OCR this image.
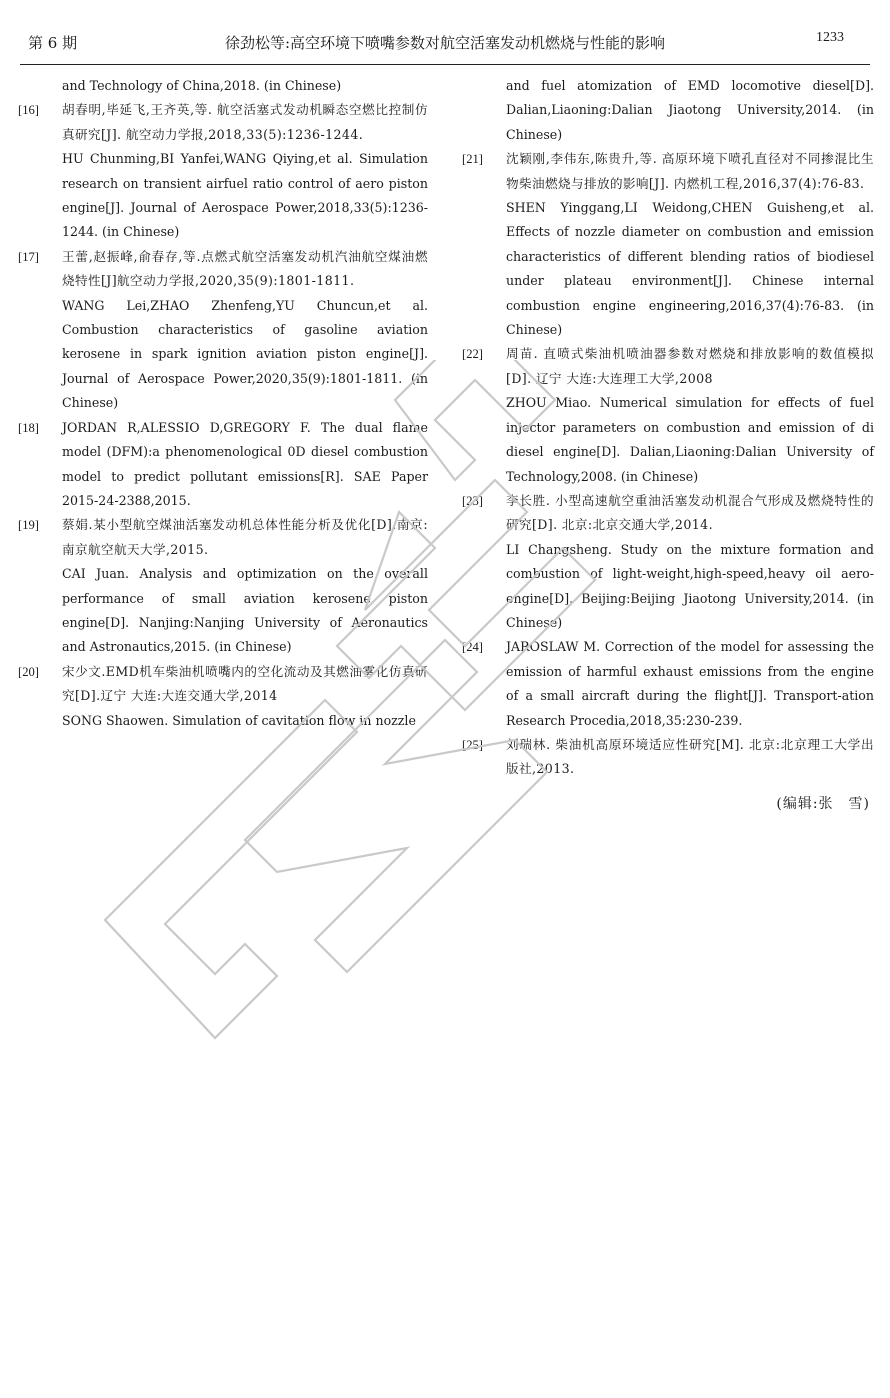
第 6 期	徐劲松等:高空环境下喷嘴参数对航空活塞发动机燃烧与性能的影响	1233

and Technology of China,2018. (in Chinese)

[16] 胡春明,毕延飞,王齐英,等. 航空活塞式发动机瞬态空燃比控制仿真研究[J]. 航空动力学报,2018,33(5):1236-1244.

HU Chunming,BI Yanfei,WANG Qiying,et al. Simulation research on transient airfuel ratio control of aero piston engine[J]. Journal of Aerospace Power,2018,33(5):1236-1244. (in Chinese)

[17] 王蕾,赵振峰,俞春存,等.点燃式航空活塞发动机汽油航空煤油燃烧特性[J]航空动力学报,2020,35(9):1801-1811.

WANG Lei,ZHAO Zhenfeng,YU Chuncun,et al. Combustion characteristics of gasoline aviation kerosene in spark ignition aviation piston engine[J]. Journal of Aerospace Power,2020,35(9):1801-1811. (in Chinese)

[18] JORDAN R,ALESSIO D,GREGORY F. The dual flame model (DFM):a phenomenological 0D diesel combustion model to predict pollutant emissions[R]. SAE Paper 2015-24-2388,2015.

[19] 蔡娟.某小型航空煤油活塞发动机总体性能分析及优化[D].南京:南京航空航天大学,2015.

CAI Juan. Analysis and optimization on the overall performance of small aviation kerosene piston engine[D]. Nanjing:Nanjing University of Aeronautics and Astronautics,2015. (in Chinese)

[20] 宋少文.EMD机车柴油机喷嘴内的空化流动及其燃油雾化仿真研究[D].辽宁 大连:大连交通大学,2014

SONG Shaowen. Simulation of cavitation flow in nozzle

and fuel atomization of EMD locomotive diesel[D]. Dalian,Liaoning:Dalian Jiaotong University,2014. (in Chinese)

[21] 沈颖刚,李伟东,陈贵升,等. 高原环境下喷孔直径对不同掺混比生物柴油燃烧与排放的影响[J]. 内燃机工程,2016,37(4):76-83.

SHEN Yinggang,LI Weidong,CHEN Guisheng,et al. Effects of nozzle diameter on combustion and emission characteristics of different blending ratios of biodiesel under plateau environment[J]. Chinese internal combustion engine engineering,2016,37(4):76-83. (in Chinese)

[22] 周苗. 直喷式柴油机喷油器参数对燃烧和排放影响的数值模拟[D]. 辽宁 大连:大连理工大学,2008

ZHOU Miao. Numerical simulation for effects of fuel injector parameters on combustion and emission of di diesel engine[D]. Dalian,Liaoning:Dalian University of Technology,2008. (in Chinese)

[23] 李长胜. 小型高速航空重油活塞发动机混合气形成及燃烧特性的研究[D]. 北京:北京交通大学,2014.

LI Changsheng. Study on the mixture formation and combustion of light-weight,high-speed,heavy oil aero-engine[D]. Beijing:Beijing Jiaotong University,2014. (in Chinese)

[24] JAROSLAW M. Correction of the model for assessing the emission of harmful exhaust emissions from the engine of a small aircraft during the flight[J]. Transport-ation Research Procedia,2018,35:230-239.

[25] 刘瑞林. 柴油机高原环境适应性研究[M]. 北京:北京理工大学出版社,2013.

(编辑:张　雪)
